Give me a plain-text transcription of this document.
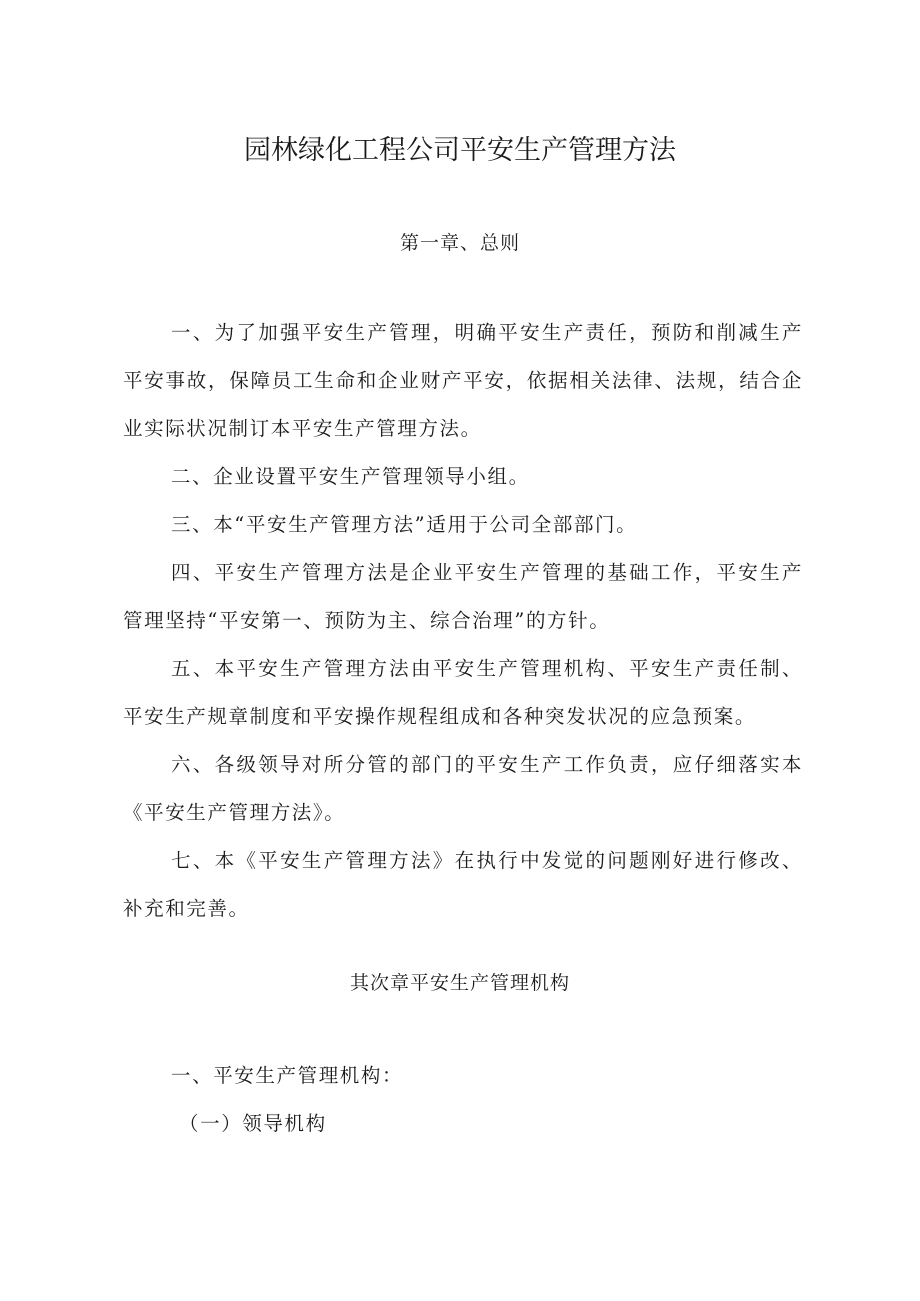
园林绿化工程公司平安生产管理方法
第一章、总则

一、为了加强平安生产管理，明确平安生产责任，预防和削减生产平安事故，保障员工生命和企业财产平安，依据相关法律、法规，结合企业实际状况制订本平安生产管理方法。

二、企业设置平安生产管理领导小组。

三、本“平安生产管理方法”适用于公司全部部门。

四、平安生产管理方法是企业平安生产管理的基础工作，平安生产管理坚持“平安第一、预防为主、综合治理”的方针。

五、本平安生产管理方法由平安生产管理机构、平安生产责任制、平安生产规章制度和平安操作规程组成和各种突发状况的应急预案。

六、各级领导对所分管的部门的平安生产工作负责，应仔细落实本《平安生产管理方法》。

七、本《平安生产管理方法》在执行中发觉的问题刚好进行修改、补充和完善。

其次章平安生产管理机构

一、平安生产管理机构：

（一）领导机构
